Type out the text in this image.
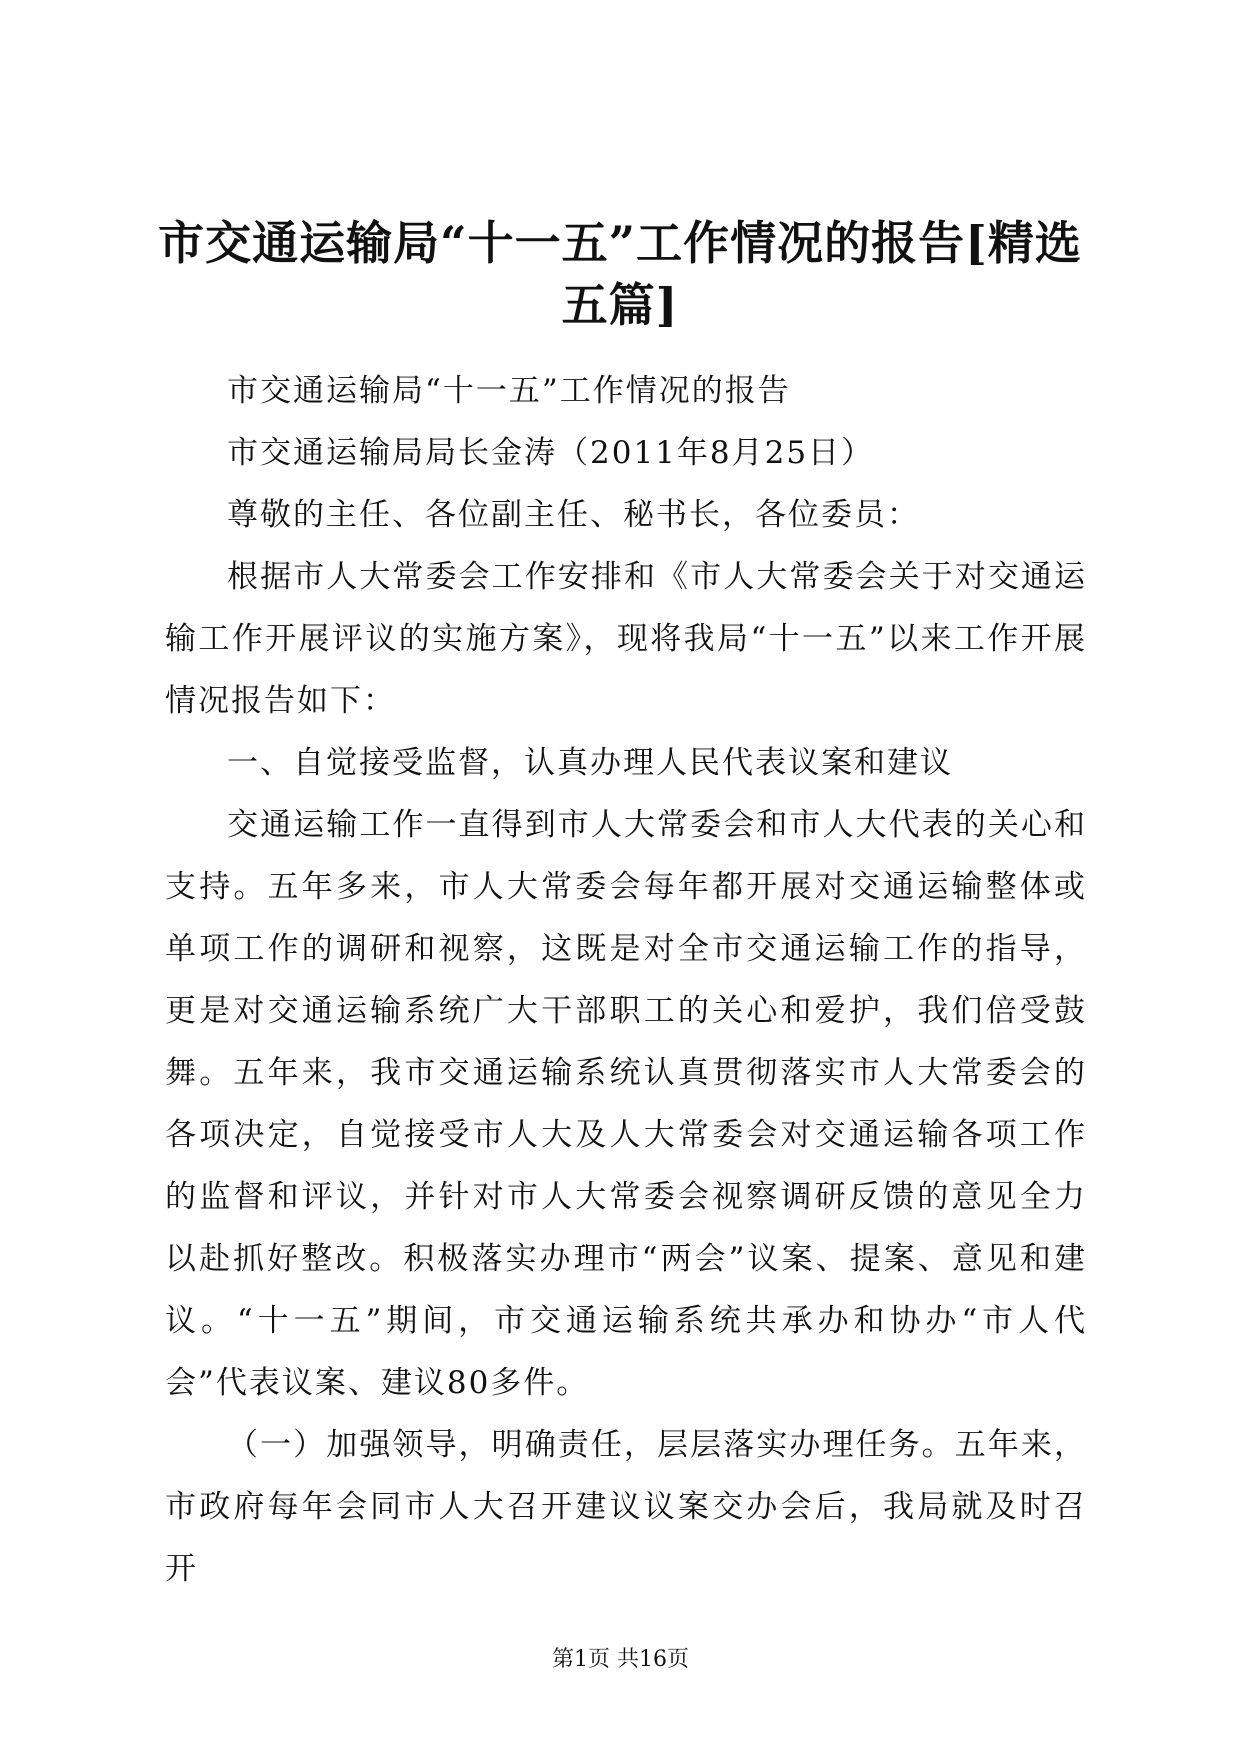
市交通运输局“十一五”工作情况的报告[精选五篇]

市交通运输局“十一五”工作情况的报告

市交通运输局局长金涛（2011年8月25日）

尊敬的主任、各位副主任、秘书长，各位委员：

根据市人大常委会工作安排和《市人大常委会关于对交通运输工作开展评议的实施方案》，现将我局“十一五”以来工作开展情况报告如下：

一、自觉接受监督，认真办理人民代表议案和建议

交通运输工作一直得到市人大常委会和市人大代表的关心和支持。五年多来，市人大常委会每年都开展对交通运输整体或单项工作的调研和视察，这既是对全市交通运输工作的指导，更是对交通运输系统广大干部职工的关心和爱护，我们倍受鼓舞。五年来，我市交通运输系统认真贯彻落实市人大常委会的各项决定，自觉接受市人大及人大常委会对交通运输各项工作的监督和评议，并针对市人大常委会视察调研反馈的意见全力以赴抓好整改。积极落实办理市“两会”议案、提案、意见和建议。“十一五”期间，市交通运输系统共承办和协办“市人代会”代表议案、建议80多件。

（一）加强领导，明确责任，层层落实办理任务。五年来，市政府每年会同市人大召开建议议案交办会后，我局就及时召开

第1页 共16页
